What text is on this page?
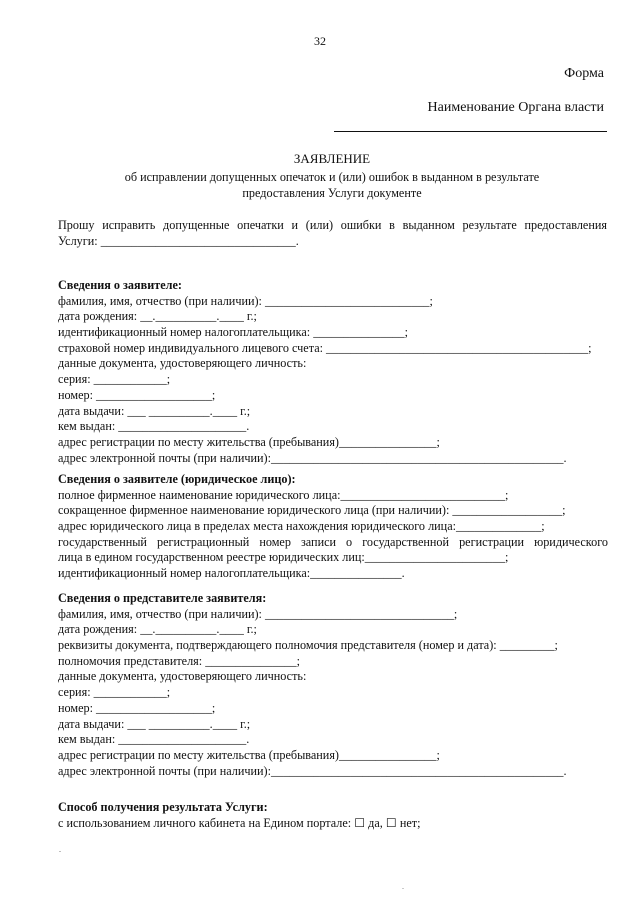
32
Форма
Наименование Органа власти
ЗАЯВЛЕНИЕ
об исправлении допущенных опечаток и (или) ошибок в выданном в результате
предоставления Услуги документе
Прошу исправить допущенные опечатки и (или) ошибки в выданном результате предоставления
Услуги: ________________________________.
Сведения о заявителе:
фамилия, имя, отчество (при наличии): ___________________________;
дата рождения: __.__________.____ г.;
идентификационный номер налогоплательщика: _______________;
страховой номер индивидуального лицевого счета: ___________________________________________;
данные документа, удостоверяющего личность:
серия: ____________;
номер: ___________________;
дата выдачи: ___ __________.____ г.;
кем выдан: _____________________.
адрес регистрации по месту жительства (пребывания)________________;
адрес электронной почты (при наличии):________________________________________________.
Сведения о заявителе (юридическое лицо):
полное фирменное наименование юридического лица:___________________________;
сокращенное фирменное наименование юридического лица (при наличии): __________________;
адрес юридического лица в пределах места нахождения юридического лица:______________;
государственный регистрационный номер записи о государственной регистрации юридического
лица в едином государственном реестре юридических лиц:_______________________;
идентификационный номер налогоплательщика:_______________.
Сведения о представителе заявителя:
фамилия, имя, отчество (при наличии): _______________________________;
дата рождения: __.__________.____ г.;
реквизиты документа, подтверждающего полномочия представителя (номер и дата): _________;
полномочия представителя: _______________;
данные документа, удостоверяющего личность:
серия: ____________;
номер: ___________________;
дата выдачи: ___ __________.____ г.;
кем выдан: _____________________.
адрес регистрации по месту жительства (пребывания)________________;
адрес электронной почты (при наличии):________________________________________________.
Способ получения результата Услуги:
с использованием личного кабинета на Едином портале: ☐ да, ☐ нет;
.
.
